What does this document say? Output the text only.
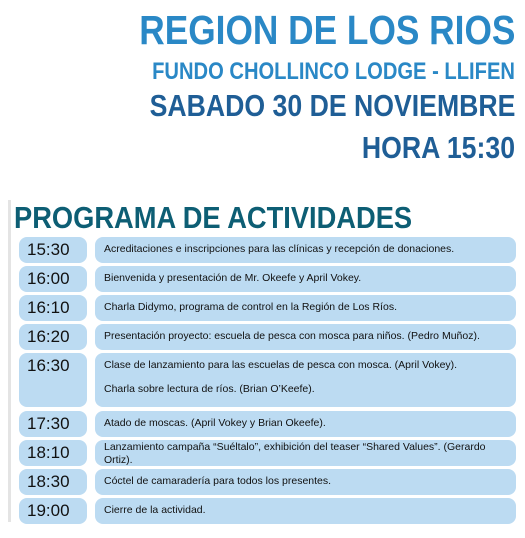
REGION DE LOS RIOS
FUNDO CHOLLINCO LODGE - LLIFEN
SABADO 30 DE NOVIEMBRE
HORA 15:30
PROGRAMA DE ACTIVIDADES
15:30	Acreditaciones e inscripciones para las clínicas y recepción de donaciones.

16:00	Bienvenida y presentación de Mr. Okeefe y April Vokey.

16:10	Charla Didymo, programa de control en la Región de Los Ríos.

16:20	Presentación proyecto: escuela de pesca con mosca para niños. (Pedro Muñoz).

16:30	Clase de lanzamiento para las escuelas de pesca con mosca. (April Vokey).

Charla sobre lectura de ríos. (Brian O’Keefe).

17:30	Atado de moscas. (April Vokey y Brian Okeefe).

18:10	Lanzamiento campaña “Suéltalo”, exhibición del teaser “Shared Values”. (Gerardo Ortiz).

18:30	Cóctel de camaradería para todos los presentes.

19:00	Cierre de la actividad.
